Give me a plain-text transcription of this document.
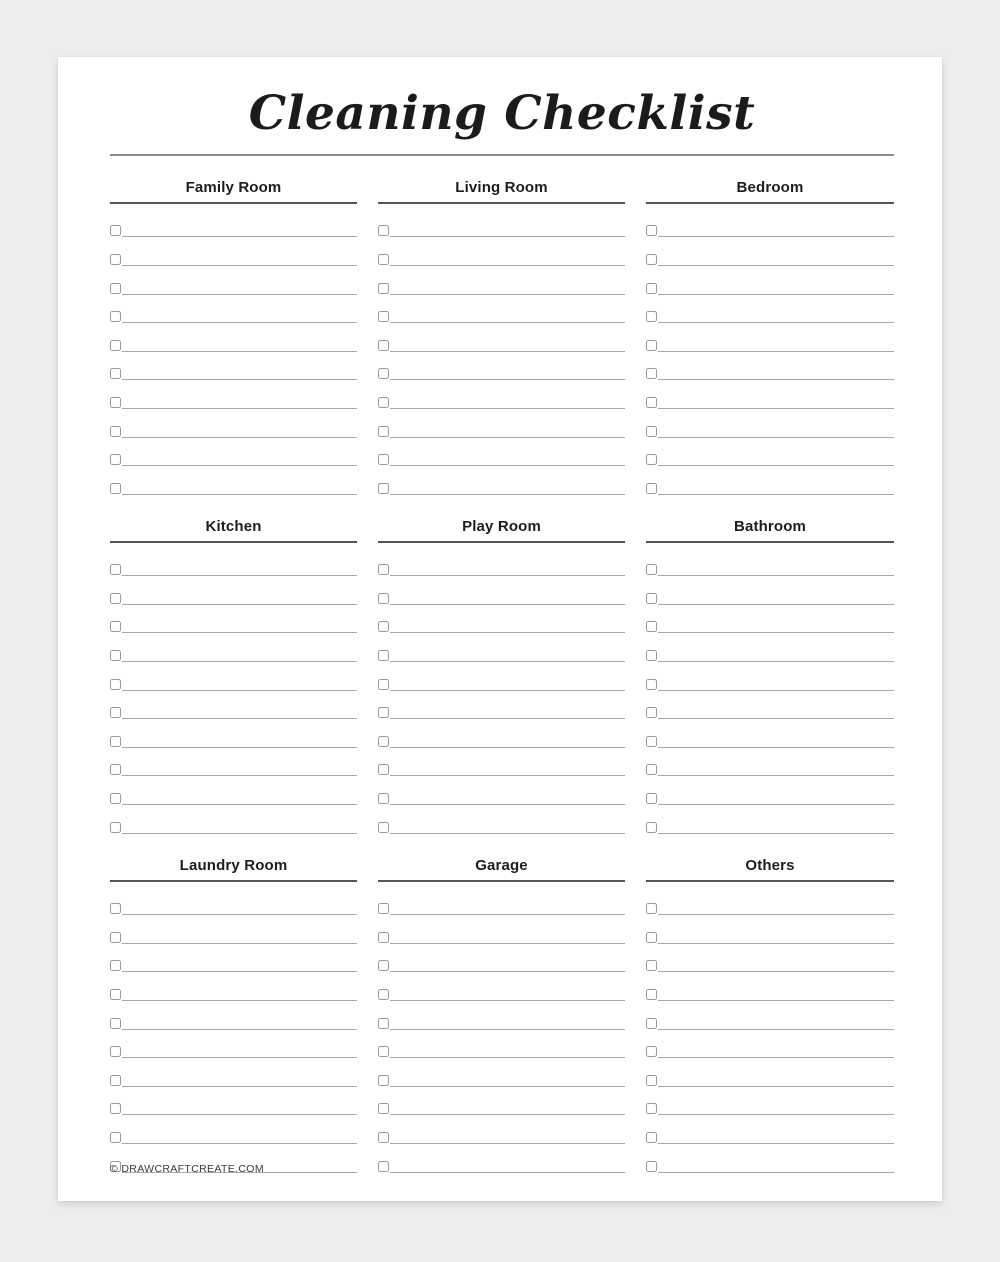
Cleaning Checklist
Family Room	Living Room	Bedroom
Kitchen	Play Room	Bathroom
Laundry Room	Garage	Others
© DRAWCRAFTCREATE.COM
